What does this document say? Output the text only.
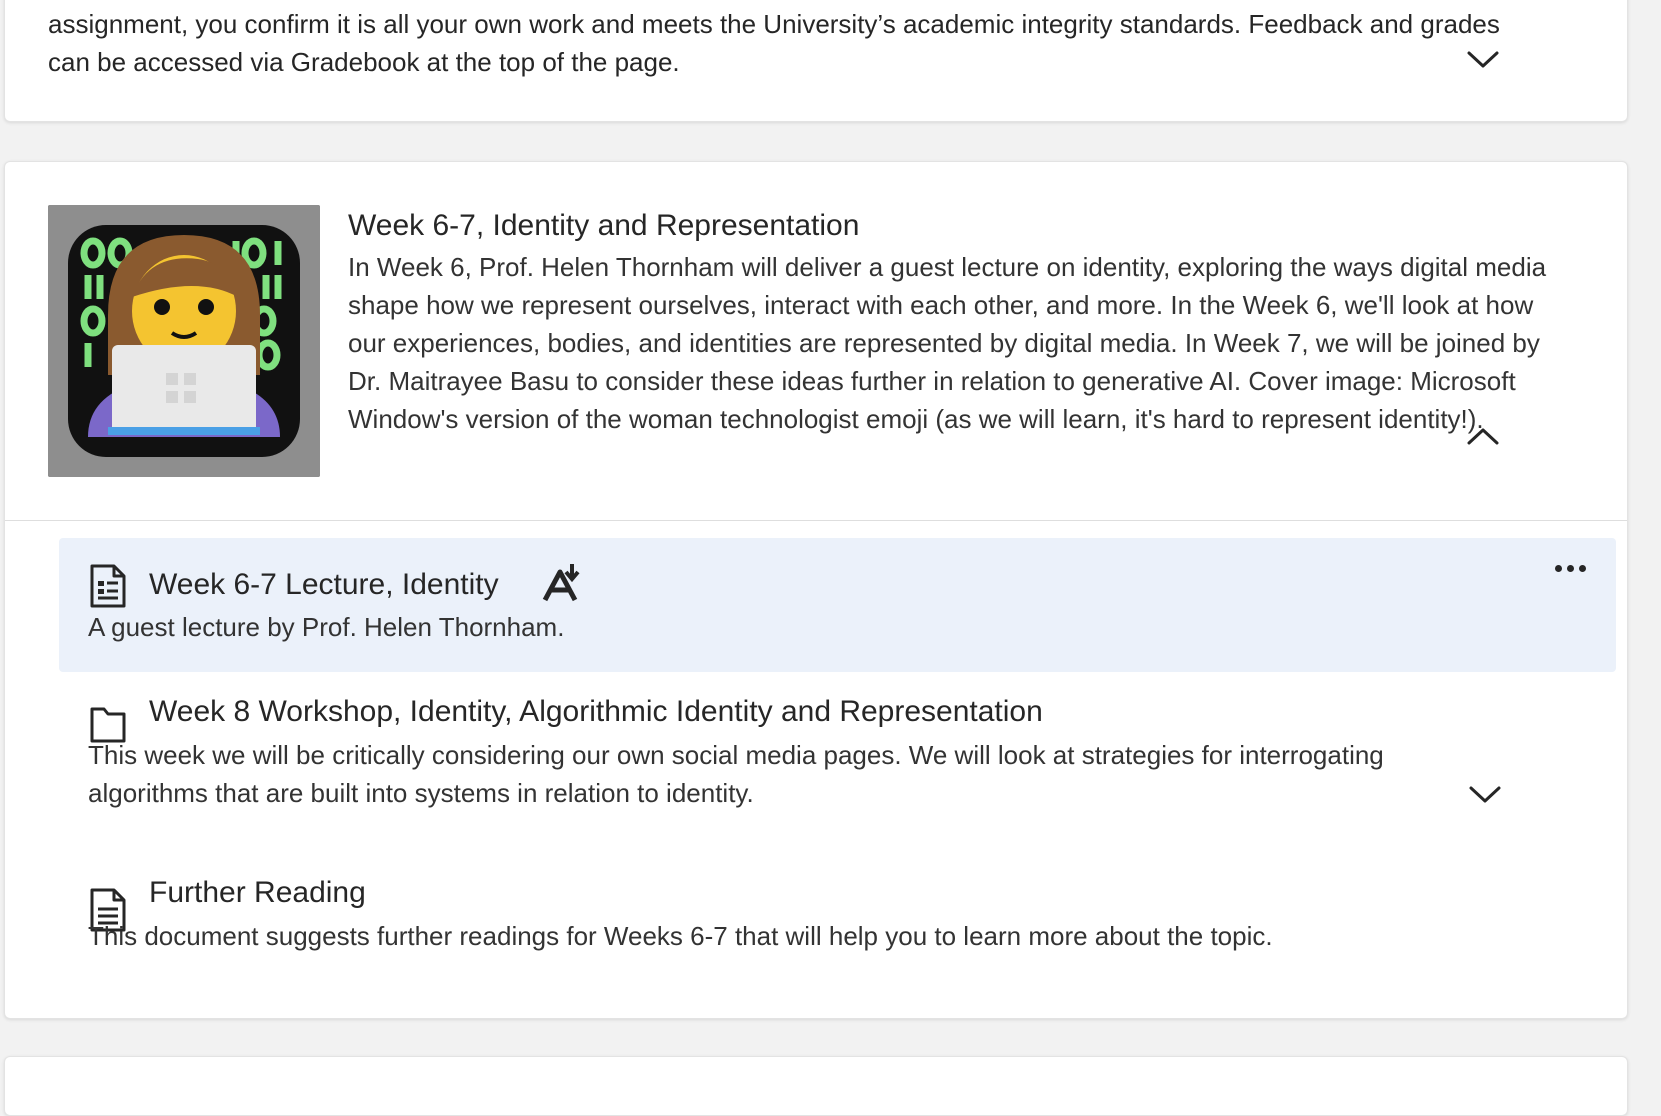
assignment, you confirm it is all your own work and meets the University’s academic integrity standards. Feedback and grades can be accessed via Gradebook at the top of the page.
Week 6-7, Identity and Representation
In Week 6, Prof. Helen Thornham will deliver a guest lecture on identity, exploring the ways digital media shape how we represent ourselves, interact with each other, and more. In the Week 6, we'll look at how our experiences, bodies, and identities are represented by digital media. In Week 7, we will be joined by Dr. Maitrayee Basu to consider these ideas further in relation to generative AI. Cover image: Microsoft Window's version of the woman technologist emoji (as we will learn, it's hard to represent identity!).
Week 6-7 Lecture, Identity
A guest lecture by Prof. Helen Thornham.
Week 8 Workshop, Identity, Algorithmic Identity and Representation
This week we will be critically considering our own social media pages. We will look at strategies for interrogating algorithms that are built into systems in relation to identity.
Further Reading
This document suggests further readings for Weeks 6-7 that will help you to learn more about the topic.
